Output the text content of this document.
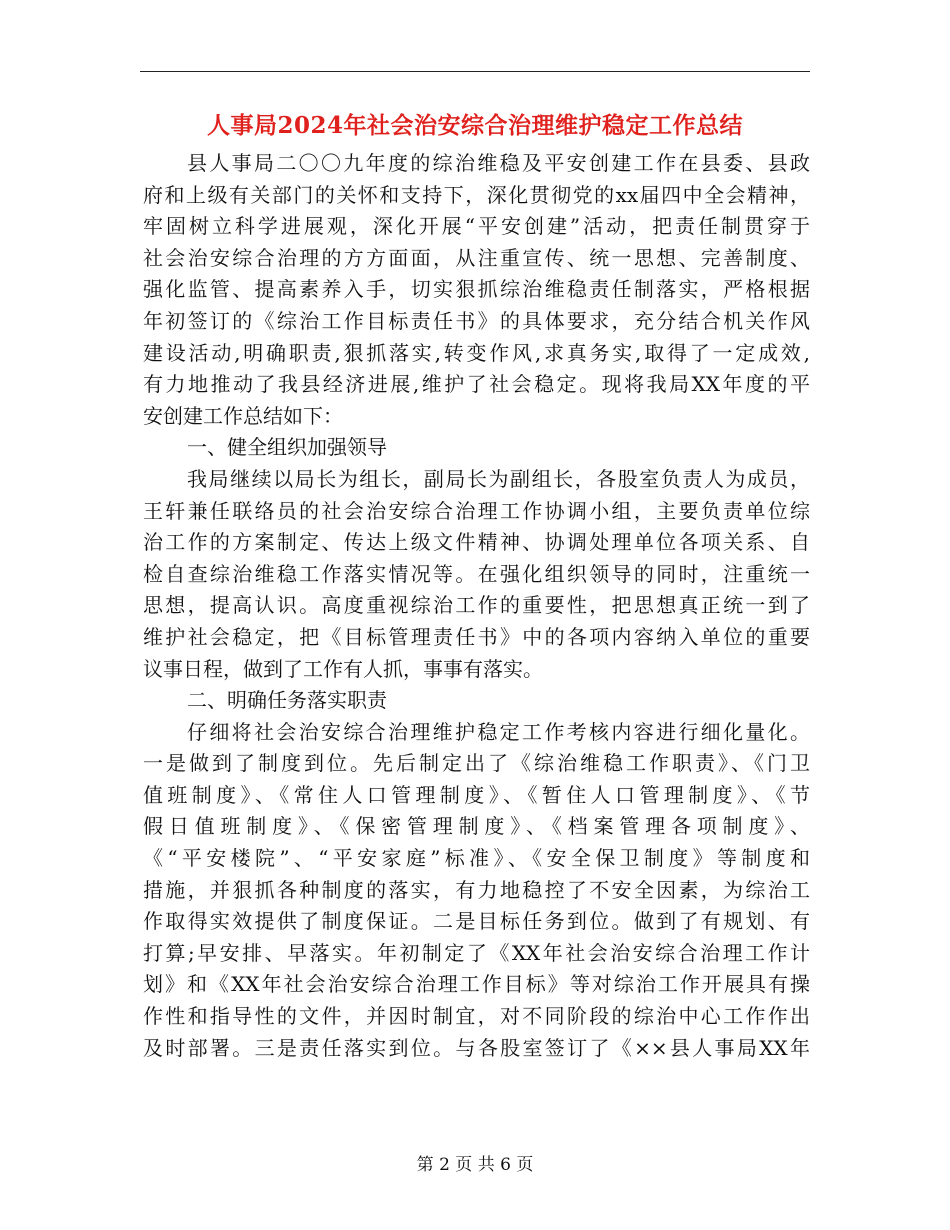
人事局2024年社会治安综合治理维护稳定工作总结
县人事局二〇〇九年度的综治维稳及平安创建工作在县委、县政
府和上级有关部门的关怀和支持下，深化贯彻党的xx届四中全会精神，
牢固树立科学进展观，深化开展“平安创建”活动，把责任制贯穿于
社会治安综合治理的方方面面，从注重宣传、统一思想、完善制度、
强化监管、提高素养入手，切实狠抓综治维稳责任制落实，严格根据
年初签订的《综治工作目标责任书》的具体要求，充分结合机关作风
建设活动,明确职责,狠抓落实,转变作风,求真务实,取得了一定成效,
有力地推动了我县经济进展,维护了社会稳定。现将我局XX年度的平
安创建工作总结如下：
一、健全组织加强领导
我局继续以局长为组长，副局长为副组长，各股室负责人为成员，
王轩兼任联络员的社会治安综合治理工作协调小组，主要负责单位综
治工作的方案制定、传达上级文件精神、协调处理单位各项关系、自
检自查综治维稳工作落实情况等。在强化组织领导的同时，注重统一
思想，提高认识。高度重视综治工作的重要性，把思想真正统一到了
维护社会稳定，把《目标管理责任书》中的各项内容纳入单位的重要
议事日程，做到了工作有人抓，事事有落实。
二、明确任务落实职责
仔细将社会治安综合治理维护稳定工作考核内容进行细化量化。
一是做到了制度到位。先后制定出了《综治维稳工作职责》、《门卫
值班制度》、《常住人口管理制度》、《暂住人口管理制度》、《节
假日值班制度》、《保密管理制度》、《档案管理各项制度》、
《“平安楼院”、“平安家庭”标准》、《安全保卫制度》等制度和
措施，并狠抓各种制度的落实，有力地稳控了不安全因素，为综治工
作取得实效提供了制度保证。二是目标任务到位。做到了有规划、有
打算;早安排、早落实。年初制定了《XX年社会治安综合治理工作计
划》和《XX年社会治安综合治理工作目标》等对综治工作开展具有操
作性和指导性的文件，并因时制宜，对不同阶段的综治中心工作作出
及时部署。三是责任落实到位。与各股室签订了《××县人事局XX年
第 2 页 共 6 页
